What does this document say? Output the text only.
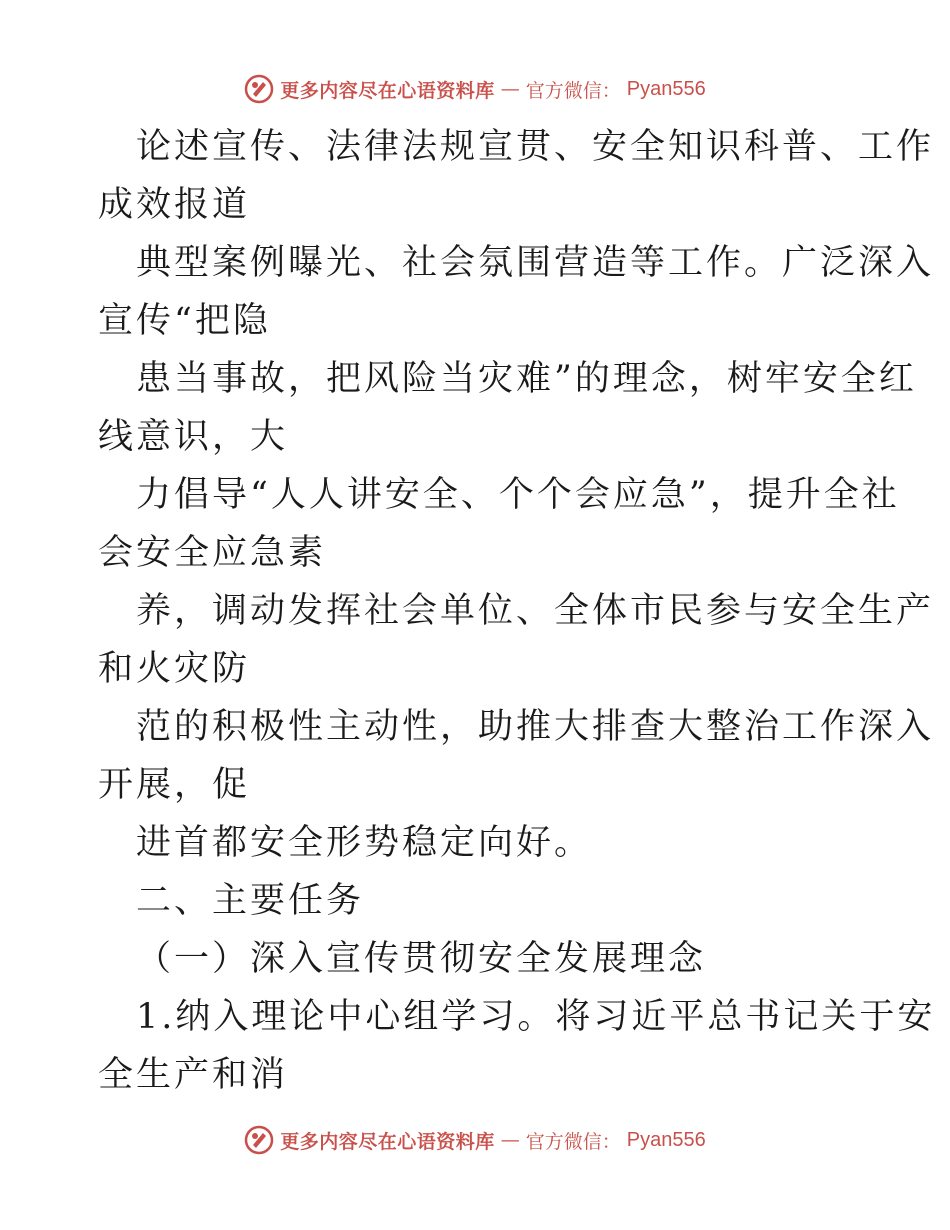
更多内容尽在心语资料库 — 官方微信： Pyan556

论述宣传、法律法规宣贯、安全知识科普、工作

成效报道

典型案例曝光、社会氛围营造等工作。广泛深入

宣传“把隐

患当事故，把风险当灾难”的理念，树牢安全红

线意识，大

力倡导“人人讲安全、个个会应急”，提升全社

会安全应急素

养，调动发挥社会单位、全体市民参与安全生产

和火灾防

范的积极性主动性，助推大排查大整治工作深入

开展，促

进首都安全形势稳定向好。

二、主要任务

（一）深入宣传贯彻安全发展理念

1.纳入理论中心组学习。将习近平总书记关于安

全生产和消

更多内容尽在心语资料库 — 官方微信： Pyan556
